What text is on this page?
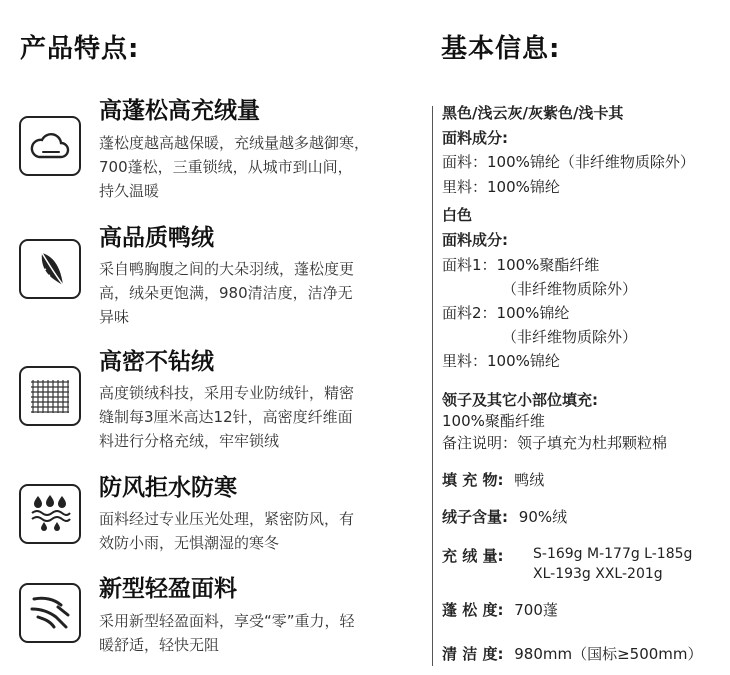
产品特点:	基本信息:
高蓬松高充绒量
蓬松度越高越保暖，充绒量越多越御寒，
700蓬松，三重锁绒，从城市到山间，
持久温暖
高品质鸭绒
采自鸭胸腹之间的大朵羽绒，蓬松度更
高，绒朵更饱满，980清洁度，洁净无
异味
高密不钻绒
高度锁绒科技，采用专业防绒针，精密
缝制每3厘米高达12针，高密度纤维面
料进行分格充绒，牢牢锁绒
防风拒水防寒
面料经过专业压光处理，紧密防风，有
效防小雨，无惧潮湿的寒冬
新型轻盈面料
采用新型轻盈面料，享受“零”重力，轻
暖舒适，轻快无阻
黑色/浅云灰/灰紫色/浅卡其
面料成分:
面料：100%锦纶（非纤维物质除外）
里料：100%锦纶
白色
面料成分:
面料1：100%聚酯纤维
（非纤维物质除外）
面料2：100%锦纶
（非纤维物质除外）
里料：100%锦纶
领子及其它小部位填充:
100%聚酯纤维
备注说明：领子填充为杜邦颗粒棉
填 充 物: 鸭绒
绒子含量: 90%绒
充 绒 量: S-169g M-177g L-185g
XL-193g XXL-201g
蓬 松 度: 700蓬
清 洁 度: 980mm（国标≥500mm）
